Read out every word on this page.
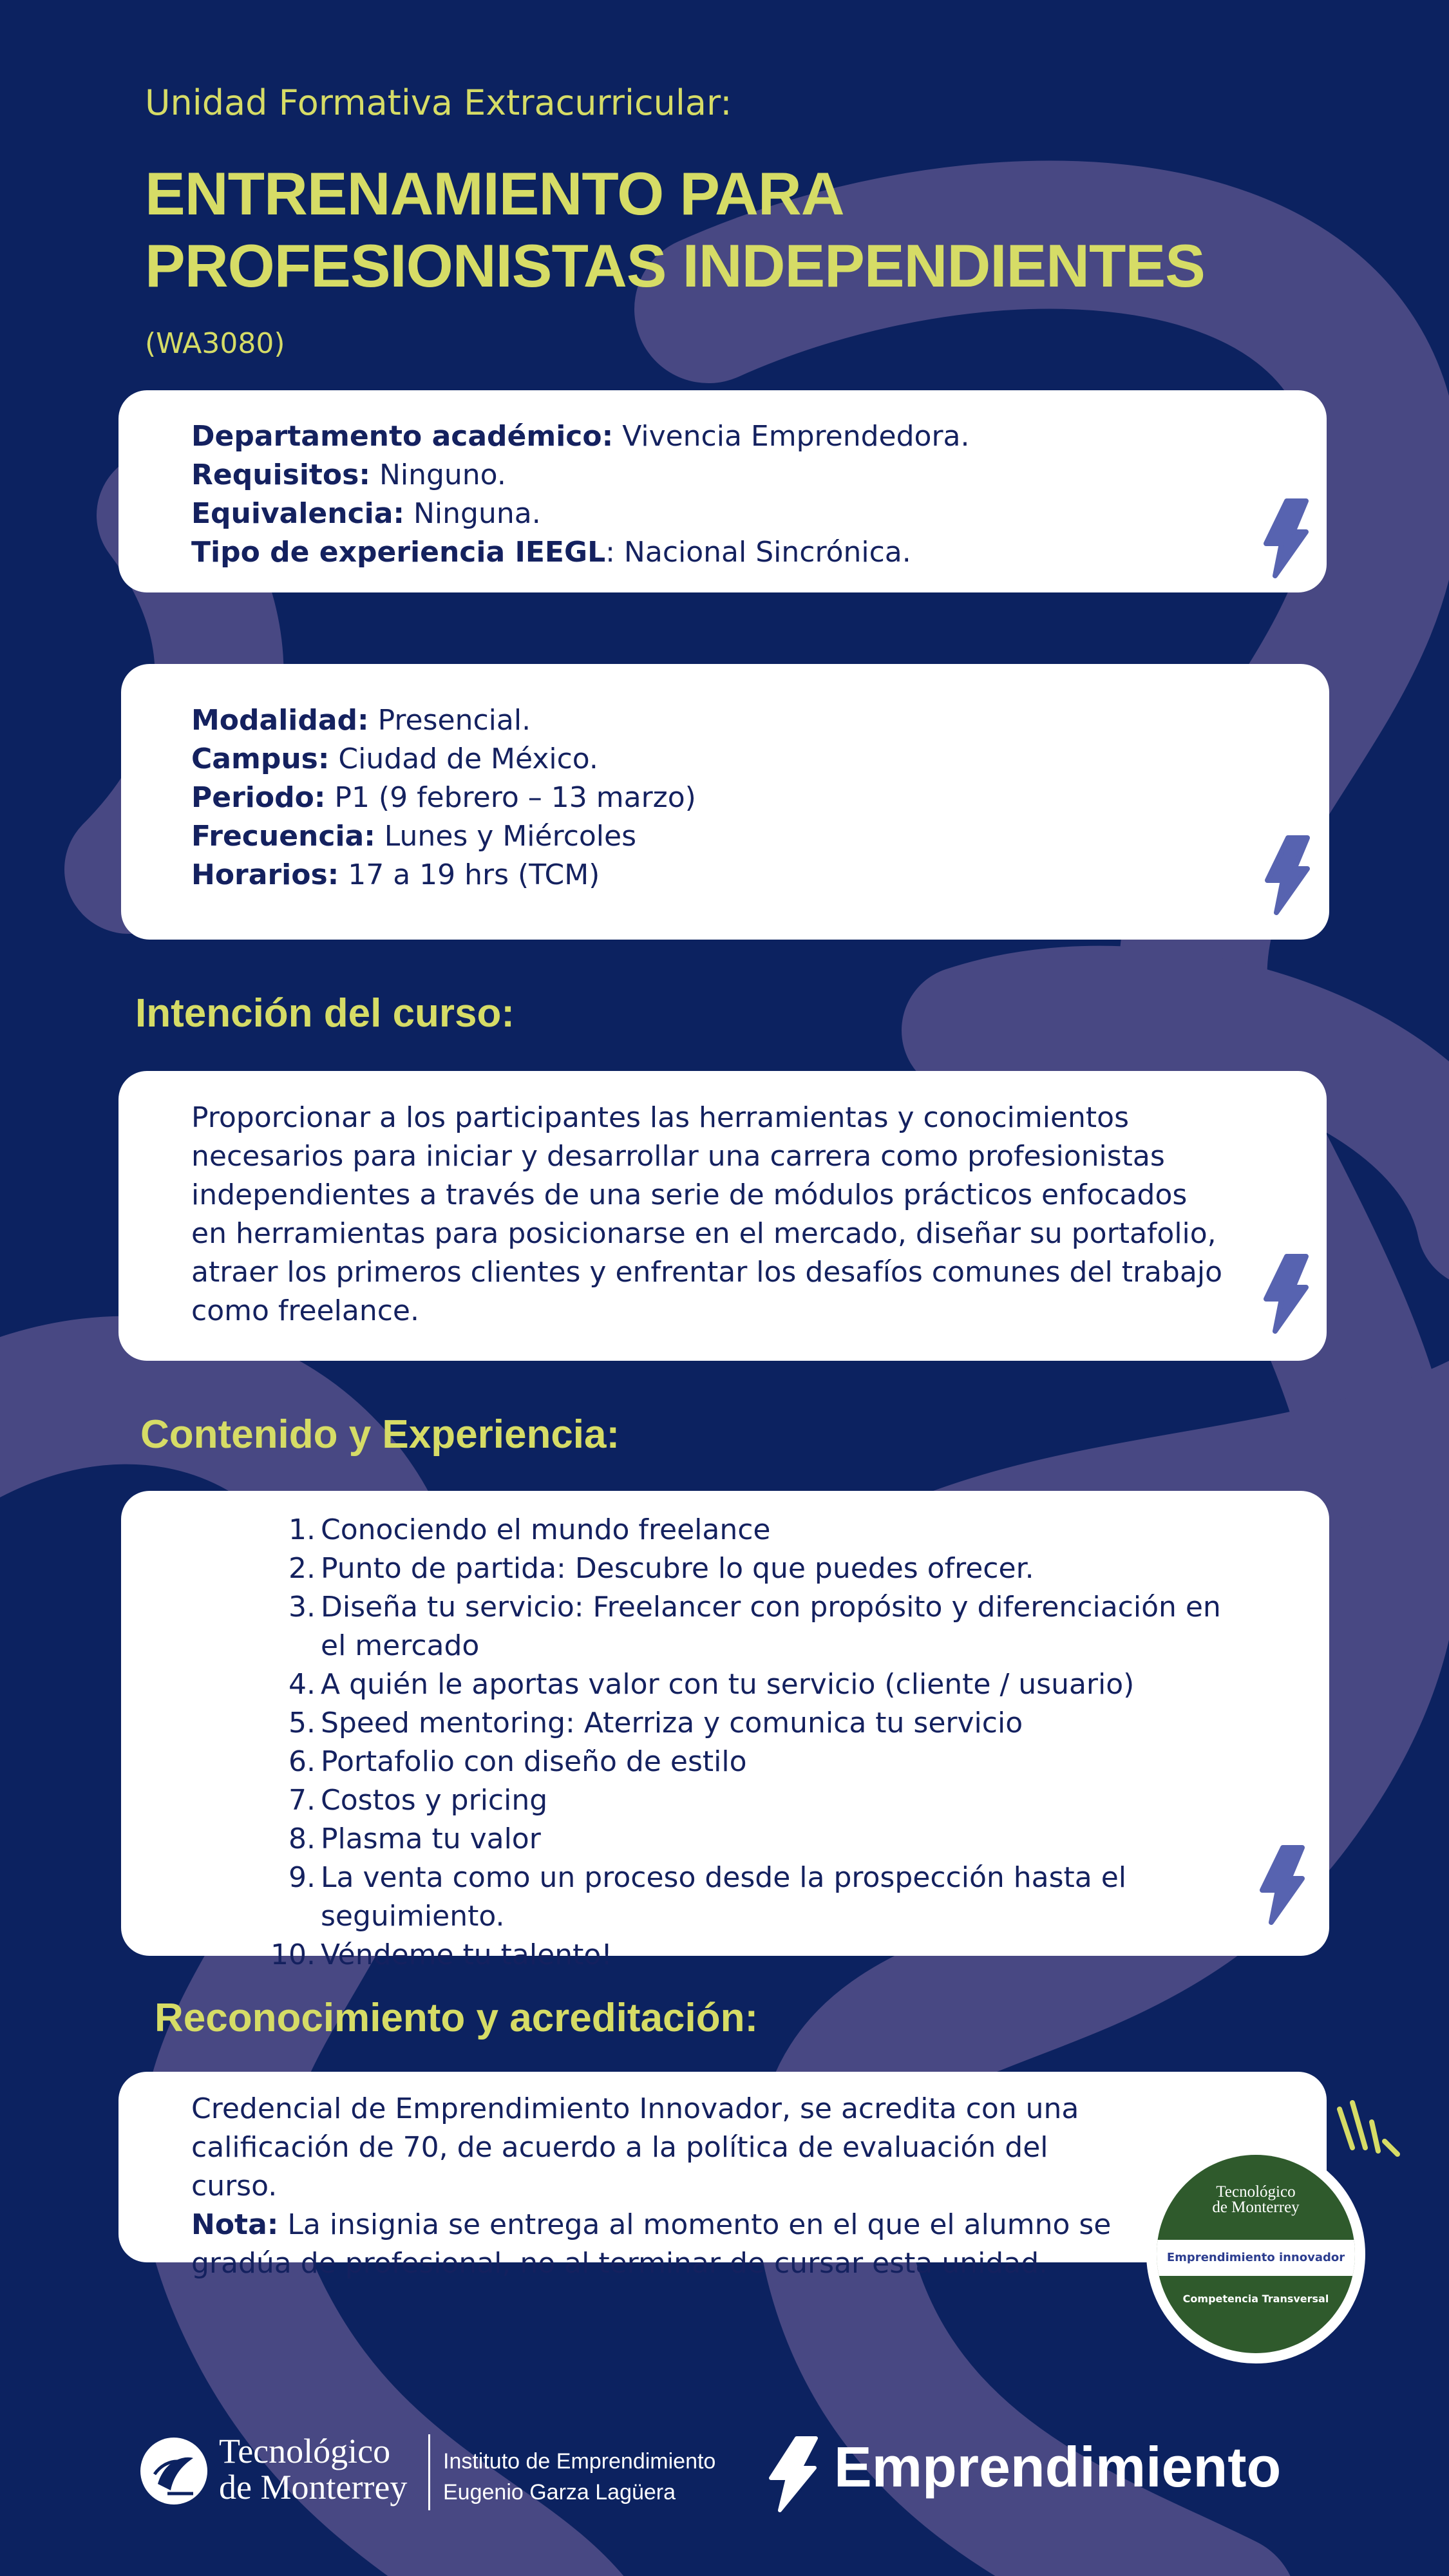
Unidad Formativa Extracurricular:
ENTRENAMIENTO PARA
PROFESIONISTAS INDEPENDIENTES
(WA3080)
Departamento académico: Vivencia Emprendedora.
Requisitos: Ninguno.
Equivalencia: Ninguna.
Tipo de experiencia IEEGL: Nacional Sincrónica.
Modalidad: Presencial.
Campus: Ciudad de México.
Periodo: P1 (9 febrero – 13 marzo)
Frecuencia: Lunes y Miércoles
Horarios: 17 a 19 hrs (TCM)
Intención del curso:
Proporcionar a los participantes las herramientas y conocimientos necesarios para iniciar y desarrollar una carrera como profesionistas independientes a través de una serie de módulos prácticos enfocados en herramientas para posicionarse en el mercado, diseñar su portafolio, atraer los primeros clientes y enfrentar los desafíos comunes del trabajo como freelance.
Contenido y Experiencia:
1. Conociendo el mundo freelance
2. Punto de partida: Descubre lo que puedes ofrecer.
3. Diseña tu servicio: Freelancer con propósito y diferenciación en el mercado
4. A quién le aportas valor con tu servicio (cliente / usuario)
5. Speed mentoring: Aterriza y comunica tu servicio
6. Portafolio con diseño de estilo
7. Costos y pricing
8. Plasma tu valor
9. La venta como un proceso desde la prospección hasta el seguimiento.
10. Véndeme tu talento!
Reconocimiento y acreditación:
Credencial de Emprendimiento Innovador, se acredita con una calificación de 70, de acuerdo a la política de evaluación del curso.
Nota: La insignia se entrega al momento en el que el alumno se gradúa de profesional, no al terminar de cursar esta unidad.
Tecnológico
de Monterrey
Emprendimiento innovador
Competencia Transversal
Tecnológico
de Monterrey
Instituto de Emprendimiento
Eugenio Garza Lagüera	Emprendimiento
